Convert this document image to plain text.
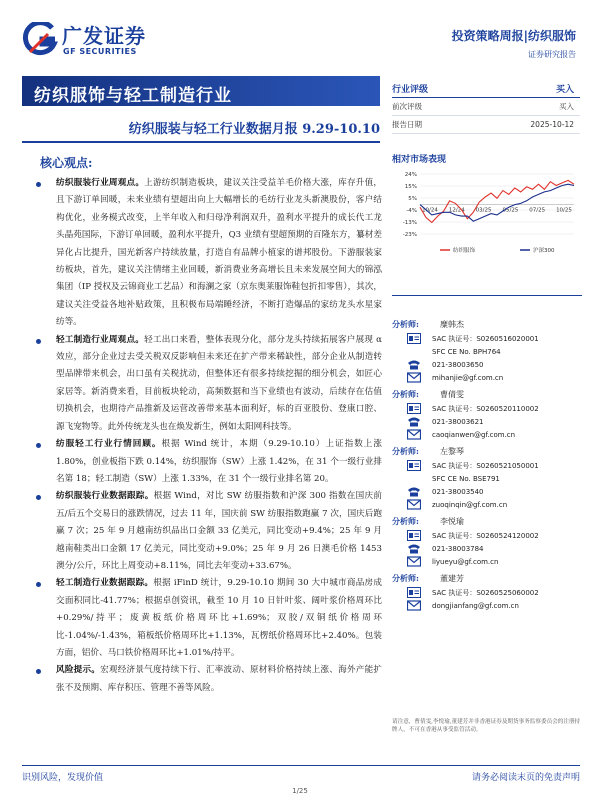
广发证券
GF SECURITIES
投资策略周报|纺织服饰
证券研究报告
纺织服饰与轻工制造行业
纺织服装与轻工行业数据月报 9.29-10.10
核心观点:
纺织服装行业周观点。上游纺织制造板块，建议关注受益羊毛价格大涨，库存升值，且下游订单回暖，未来业绩有望超出向上大幅增长的毛纺行业龙头新澳股份，客户结构优化，业务模式改变，上半年收入和归母净利润双升，盈利水平提升的成长代工龙头晶苑国际，下游订单回暖，盈利水平提升，Q3 业绩有望超预期的百隆东方，纂材差异化占比提升，国光新客户持续放量，打造自有品牌小植家的谱邦股份。下游服装家纺板块，首先，建议关注情绪主业回暖，新消费业务高增长且未来发展空间大的锦泓集团（IP 授权及云锦商业工艺品）和海澜之家（京东奥莱服饰鞋包折扣零售），其次，建议关注受益各地补贴政策，且积极布局端睡经济，不断打造爆品的家纺龙头水星家纺等。
轻工制造行业周观点。轻工出口来看，整体表现分化，部分龙头持续拓展客户展现 α 效应，部分企业过去受关税双反影响但未来还在扩产带来稀缺性，部分企业从制造转型品牌带来机会，出口虽有关税扰动，但整体还有很多持续挖掘的细分机会，如匠心家居等。新消费来看，目前板块轮动，高频数据和当下业绩也有波动，后续存在估值切换机会，也期待产品推新及运营改善带来基本面利好，标的百亚股份、登康口腔、源飞宠物等。此外传统龙头也在焕发新生，例如太阳网科技等。
纺服轻工行业行情回顾。根据 Wind 统计，本期（9.29-10.10）上证指数上涨 1.80%，创业板指下跌 0.14%，纺织服饰（SW）上涨 1.42%，在 31 个一级行业排名第 18；轻工制造（SW）上涨 1.33%，在 31 个一级行业排名第 20。
纺织服装行业数据跟踪。根据 Wind，对比 SW 纺服指数和沪深 300 指数在国庆前五/后五个交易日的涨跌情况，过去 11 年，国庆前 SW 纺服指数跑赢 7 次，国庆后跑赢 7 次；25 年 9 月越南纺织品出口金额 33 亿美元，同比变动+9.4%；25 年 9 月越南鞋类出口金额 17 亿美元，同比变动+9.0%；25 年 9 月 26 日澳毛价格 1453 澳分/公斤，环比上周变动+8.11%，同比去年变动+33.67%。
轻工制造行业数据跟踪。根据 iFinD 统计，9.29-10.10 期间 30 大中城市商品房成交面积同比-41.77%；根据卓创资讯，截至 10 月 10 日针叶浆、阔叶浆价格周环比+0.29%/持平；废黄板纸价格周环比+1.69%；双胶/双铜纸价格周环比-1.04%/-1.43%，箱板纸价格周环比+1.13%，瓦楞纸价格周环比+2.40%。包装方面，铝价、马口铁价格周环比+1.01%/持平。
风险提示。宏观经济景气度持续下行、汇率波动、原材料价格持续上涨、海外产能扩张不及预期、库存积压、管理不善等风险。
行业评级	买入
前次评级	买入
报告日期	2025-10-12
相对市场表现
24%
15%
5%
-4%
-13%
-23%
10/24 12/24 03/25 05/25 07/25 10/25
纺织服饰	沪深300
分析师:	糜韩杰
SAC 执证号：S0260516020001
SFC CE No. BPH764
021-38003650
mihanjie@gf.com.cn
分析师:	曹倩雯
SAC 执证号：S0260520110002
021-38003621
caoqianwen@gf.com.cn
分析师:	左黎琴
SAC 执证号：S0260521050001
SFC CE No. BSE791
021-38003540
zuoqinqin@gf.com.cn
分析师:	李悦瑜
SAC 执证号：S0260524120002
021-38003784
liyueyu@gf.com.cn
分析师:	董建芳
SAC 执证号：S0260525060002
dongjianfang@gf.com.cn
请注意，曹倩雯,李悦瑜,董建芳并非香港证券及期货事务监察委员会的注册持牌人，不可在香港从事受监管活动。
识别风险，发现价值	请务必阅读末页的免责声明
1/25
